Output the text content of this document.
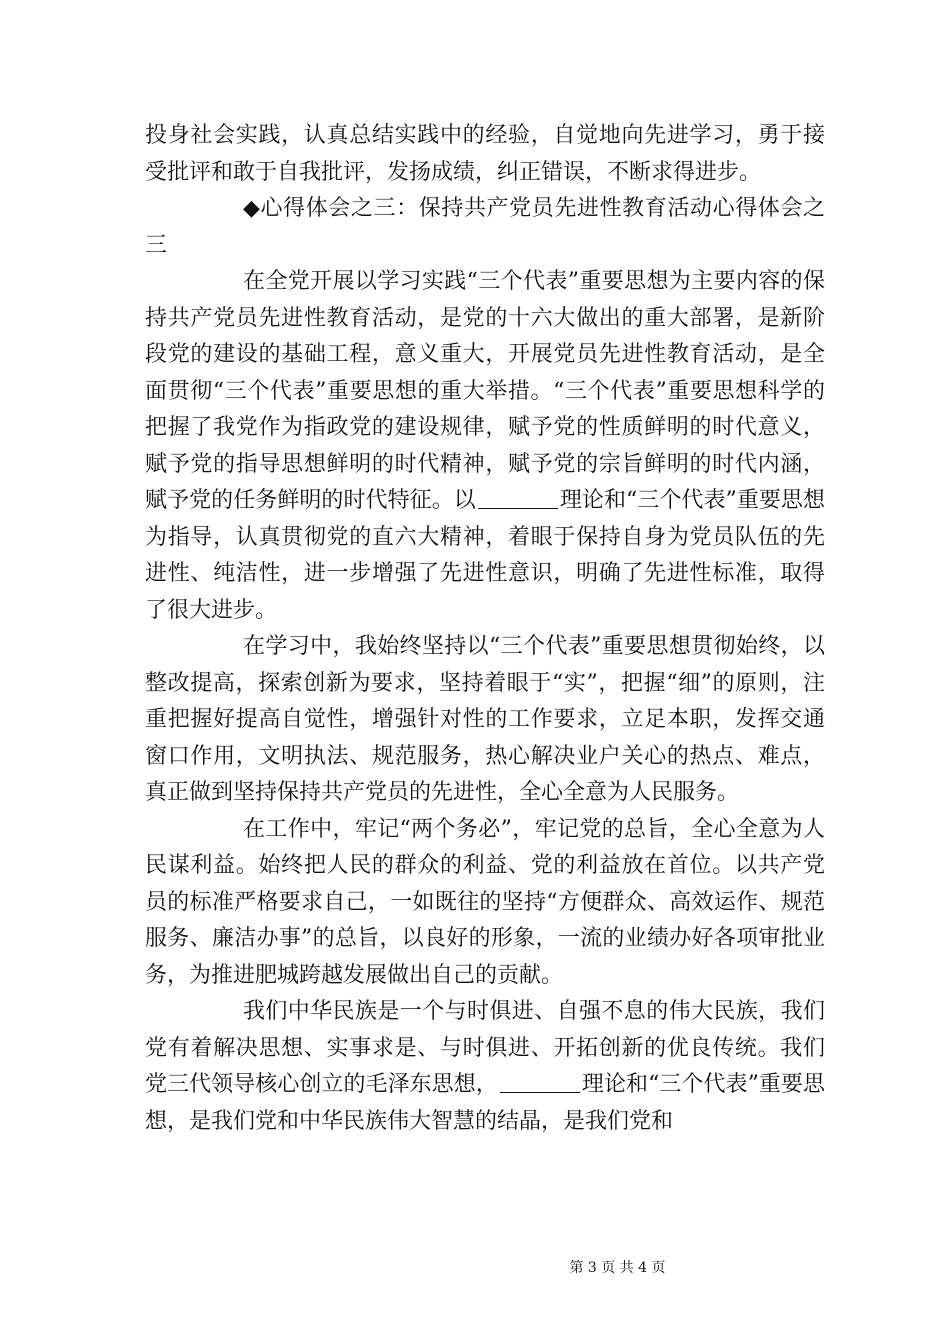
投身社会实践，认真总结实践中的经验，自觉地向先进学习，勇于接受批评和敢于自我批评，发扬成绩，纠正错误，不断求得进步。

◆心得体会之三：保持共产党员先进性教育活动心得体会之三

在全党开展以学习实践“三个代表”重要思想为主要内容的保持共产党员先进性教育活动，是党的十六大做出的重大部署，是新阶段党的建设的基础工程，意义重大，开展党员先进性教育活动，是全面贯彻“三个代表”重要思想的重大举措。“三个代表”重要思想科学的把握了我党作为指政党的建设规律，赋予党的性质鲜明的时代意义，赋予党的指导思想鲜明的时代精神，赋予党的宗旨鲜明的时代内涵，赋予党的任务鲜明的时代特征。以	理论和“三个代表”重要思想为指导，认真贯彻党的直六大精神，着眼于保持自身为党员队伍的先进性、纯洁性，进一步增强了先进性意识，明确了先进性标准，取得了很大进步。

在学习中，我始终坚持以“三个代表”重要思想贯彻始终，以整改提高，探索创新为要求，坚持着眼于“实”，把握“细”的原则，注重把握好提高自觉性，增强针对性的工作要求，立足本职，发挥交通窗口作用，文明执法、规范服务，热心解决业户关心的热点、难点，真正做到坚持保持共产党员的先进性，全心全意为人民服务。

在工作中，牢记“两个务必”，牢记党的总旨，全心全意为人民谋利益。始终把人民的群众的利益、党的利益放在首位。以共产党员的标准严格要求自己，一如既往的坚持“方便群众、高效运作、规范服务、廉洁办事”的总旨，以良好的形象，一流的业绩办好各项审批业务，为推进肥城跨越发展做出自己的贡献。

我们中华民族是一个与时俱进、自强不息的伟大民族，我们党有着解决思想、实事求是、与时俱进、开拓创新的优良传统。我们党三代领导核心创立的毛泽东思想，	理论和“三个代表”重要思想，是我们党和中华民族伟大智慧的结晶，是我们党和

第 3 页 共 4 页
